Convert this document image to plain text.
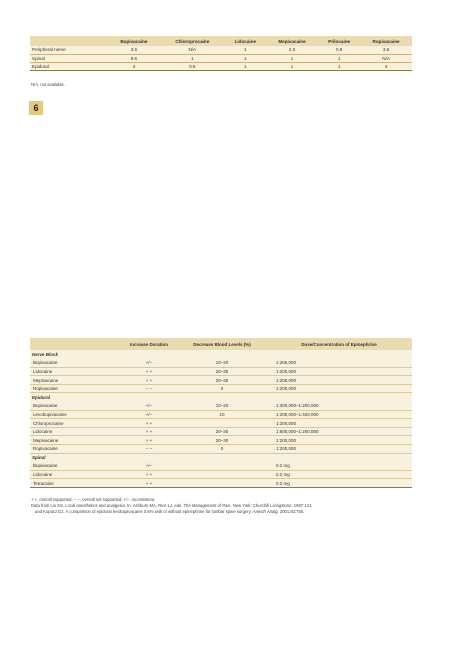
	Bupivacaine	Chloroprocaine	Lidocaine	Mepivacaine	Prilocaine	Ropivacaine
Peripheral nerve	3.6	N/A	1	2.6	0.8	3.6
Spinal	9.6	1	1	1	1	N/A
Epidural	4	0.5	1	1	1	4
N/A, not available.
6
	Increase Duration	Decrease Blood Levels (%)	Dose/Concentration of Epinephrine
Nerve Block			
Bupivacaine	+/−	10–20	1:200,000
Lidocaine	+ +	20–30	1:200,000
Mepivacaine	+ +	20–30	1:200,000
Ropivacaine	− −	0	1:200,000
Epidural			
Bupivacaine	+/−	10–20	1:300,000–1:200,000
Levobupivacaine	+/−	10	1:200,000–1:400,000
Chloroprocaine	+ +		1:200,000
Lidocaine	+ +	20–30	1:600,000–1:200,000
Mepivacaine	+ +	20–30	1:200,000
Ropivacaine	− −	0	1:200,000
Spinal			
Bupivacaine	+/−		0.2 mg
Lidocaine	+ +		0.2 mg
Tetracaine	+ +		0.2 mg
+ +, overall supported; − −, overall not supported; +/−, inconsistent.
Data from Liu SS. Local anesthetics and analgesia. In: Ashburn MA, Rice LJ, eds. The Management of Pain. New York: Churchill Livingstone; 1997:141;
and Kopacz DJ. A comparison of epidural levobupivacaine 0.5% with or without epinephrine for lumbar spine surgery. Anesth Analg. 2001;93:755.
